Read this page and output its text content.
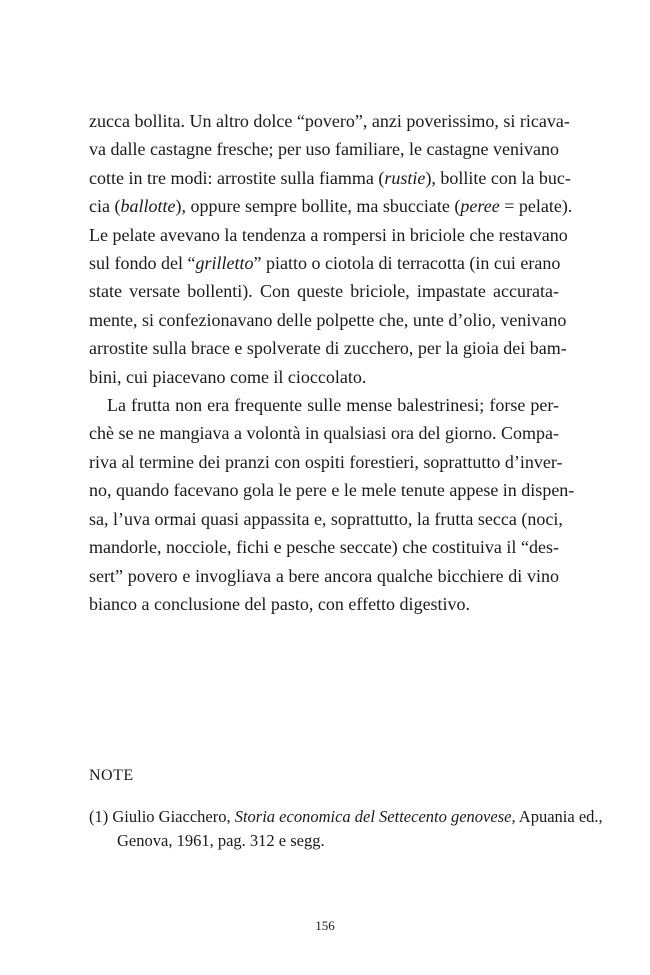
zucca bollita. Un altro dolce “povero”, anzi poverissimo, si ricava-
va dalle castagne fresche; per uso familiare, le castagne venivano
cotte in tre modi: arrostite sulla fiamma (rustie), bollite con la buc-
cia (ballotte), oppure sempre bollite, ma sbucciate (peree = pelate).
Le pelate avevano la tendenza a rompersi in briciole che restavano
sul fondo del “grilletto” piatto o ciotola di terracotta (in cui erano
state versate bollenti). Con queste briciole, impastate accurata-
mente, si confezionavano delle polpette che, unte d’olio, venivano
arrostite sulla brace e spolverate di zucchero, per la gioia dei bam-
bini, cui piacevano come il cioccolato.
La frutta non era frequente sulle mense balestrinesi; forse per-
chè se ne mangiava a volontà in qualsiasi ora del giorno. Compa-
riva al termine dei pranzi con ospiti forestieri, soprattutto d’inver-
no, quando facevano gola le pere e le mele tenute appese in dispen-
sa, l’uva ormai quasi appassita e, soprattutto, la frutta secca (noci,
mandorle, nocciole, fichi e pesche seccate) che costituiva il “des-
sert” povero e invogliava a bere ancora qualche bicchiere di vino
bianco a conclusione del pasto, con effetto digestivo.
NOTE
(1) Giulio Giacchero, Storia economica del Settecento genovese, Apuania ed.,
Genova, 1961, pag. 312 e segg.
156
